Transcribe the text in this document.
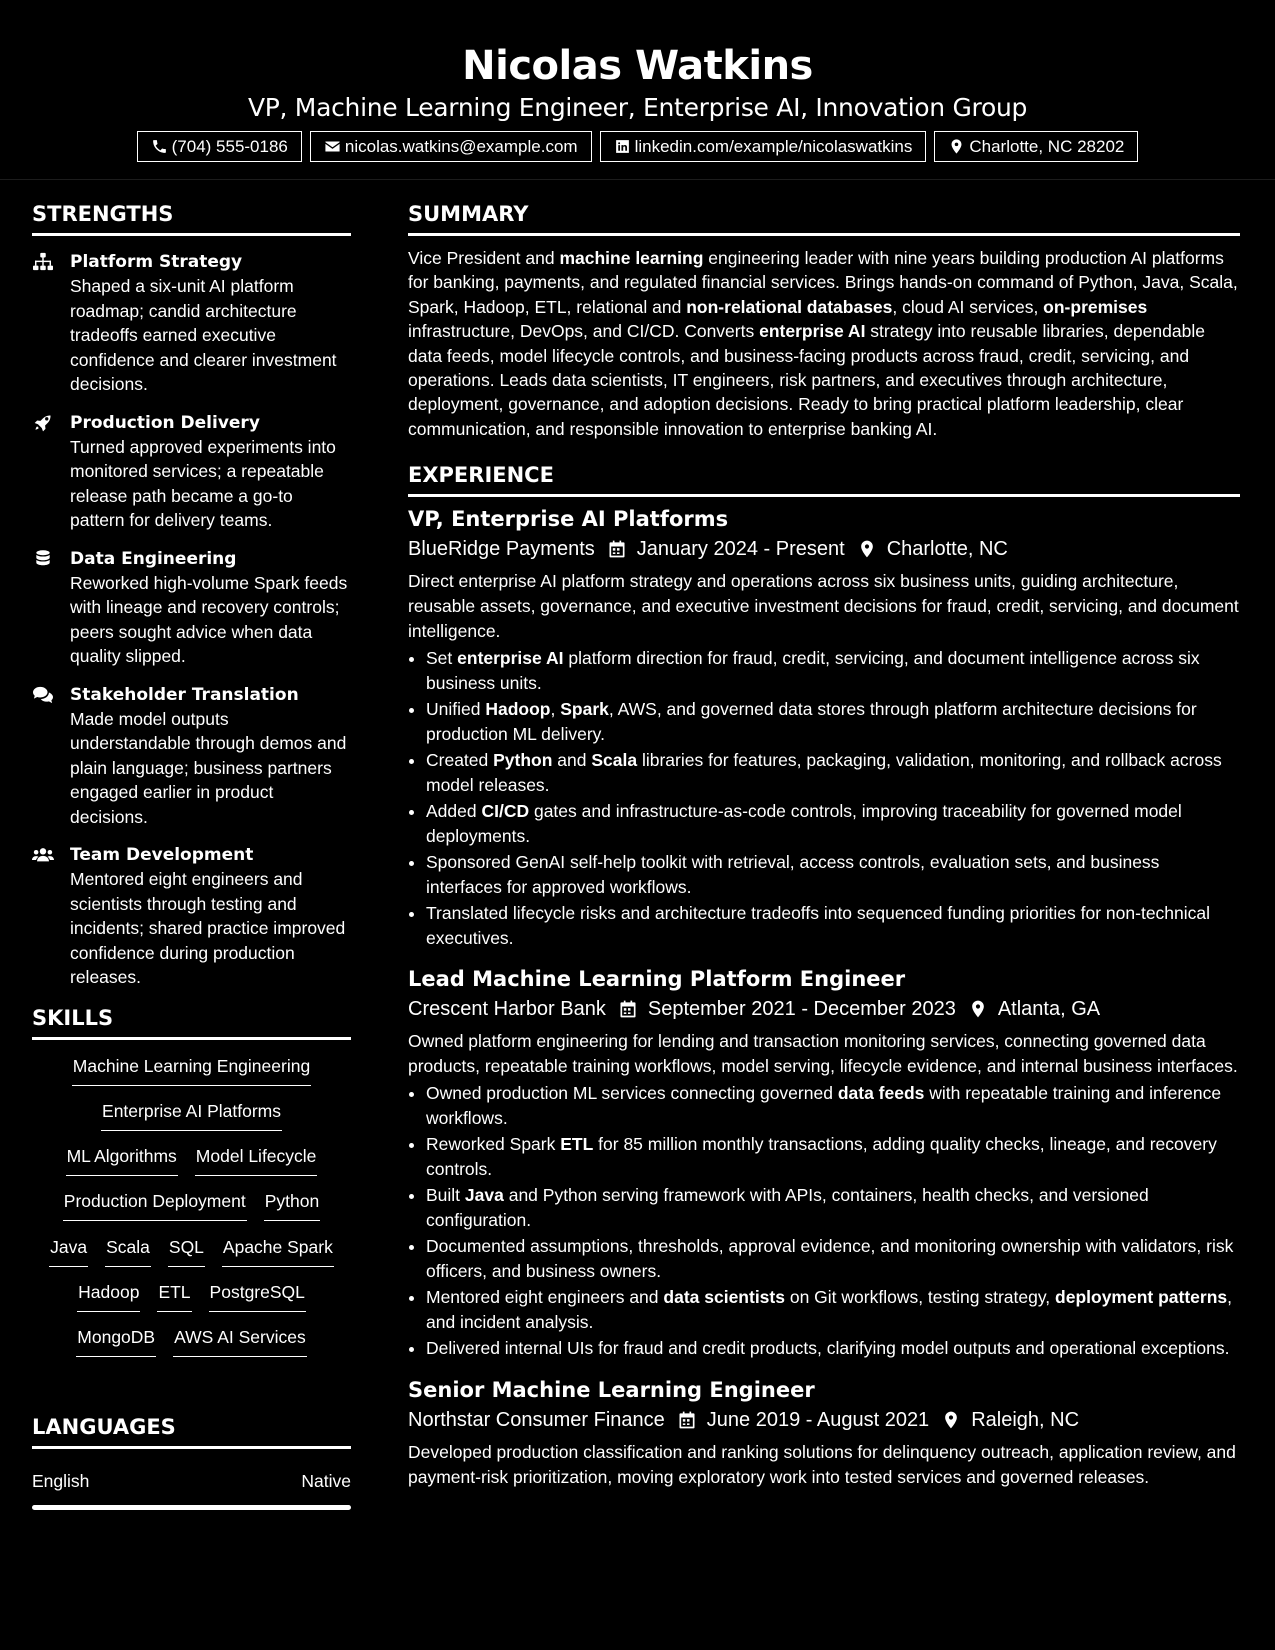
Nicolas Watkins
VP, Machine Learning Engineer, Enterprise AI, Innovation Group
(704) 555-0186	nicolas.watkins@example.com	linkedin.com/example/nicolaswatkins	Charlotte, NC 28202
STRENGTHS
Platform Strategy
Shaped a six-unit AI platform roadmap; candid architecture tradeoffs earned executive confidence and clearer investment decisions.
Production Delivery
Turned approved experiments into monitored services; a repeatable release path became a go-to pattern for delivery teams.
Data Engineering
Reworked high-volume Spark feeds with lineage and recovery controls; peers sought advice when data quality slipped.
Stakeholder Translation
Made model outputs understandable through demos and plain language; business partners engaged earlier in product decisions.
Team Development
Mentored eight engineers and scientists through testing and incidents; shared practice improved confidence during production releases.
SKILLS
Machine Learning Engineering
Enterprise AI Platforms
ML Algorithms Model Lifecycle
Production Deployment Python
Java Scala SQL Apache Spark
Hadoop ETL PostgreSQL
MongoDB AWS AI Services
LANGUAGES
English	Native
SUMMARY

Vice President and machine learning engineering leader with nine years building production AI platforms for banking, payments, and regulated financial services. Brings hands-on command of Python, Java, Scala, Spark, Hadoop, ETL, relational and non-relational databases, cloud AI services, on-premises infrastructure, DevOps, and CI/CD. Converts enterprise AI strategy into reusable libraries, dependable data feeds, model lifecycle controls, and business-facing products across fraud, credit, servicing, and operations. Leads data scientists, IT engineers, risk partners, and executives through architecture, deployment, governance, and adoption decisions. Ready to bring practical platform leadership, clear communication, and responsible innovation to enterprise banking AI.

EXPERIENCE
VP, Enterprise AI Platforms
BlueRidge Payments January 2024 - Present Charlotte, NC
Direct enterprise AI platform strategy and operations across six business units, guiding architecture, reusable assets, governance, and executive investment decisions for fraud, credit, servicing, and document intelligence.
• Set enterprise AI platform direction for fraud, credit, servicing, and document intelligence across six business units.
• Unified Hadoop, Spark, AWS, and governed data stores through platform architecture decisions for production ML delivery.
• Created Python and Scala libraries for features, packaging, validation, monitoring, and rollback across model releases.
• Added CI/CD gates and infrastructure-as-code controls, improving traceability for governed model deployments.
• Sponsored GenAI self-help toolkit with retrieval, access controls, evaluation sets, and business interfaces for approved workflows.
• Translated lifecycle risks and architecture tradeoffs into sequenced funding priorities for non-technical executives.
Lead Machine Learning Platform Engineer
Crescent Harbor Bank September 2021 - December 2023 Atlanta, GA
Owned platform engineering for lending and transaction monitoring services, connecting governed data products, repeatable training workflows, model serving, lifecycle evidence, and internal business interfaces.
• Owned production ML services connecting governed data feeds with repeatable training and inference workflows.
• Reworked Spark ETL for 85 million monthly transactions, adding quality checks, lineage, and recovery controls.
• Built Java and Python serving framework with APIs, containers, health checks, and versioned configuration.
• Documented assumptions, thresholds, approval evidence, and monitoring ownership with validators, risk officers, and business owners.
• Mentored eight engineers and data scientists on Git workflows, testing strategy, deployment patterns, and incident analysis.
• Delivered internal UIs for fraud and credit products, clarifying model outputs and operational exceptions.
Senior Machine Learning Engineer
Northstar Consumer Finance June 2019 - August 2021 Raleigh, NC
Developed production classification and ranking solutions for delinquency outreach, application review, and payment-risk prioritization, moving exploratory work into tested services and governed releases.
